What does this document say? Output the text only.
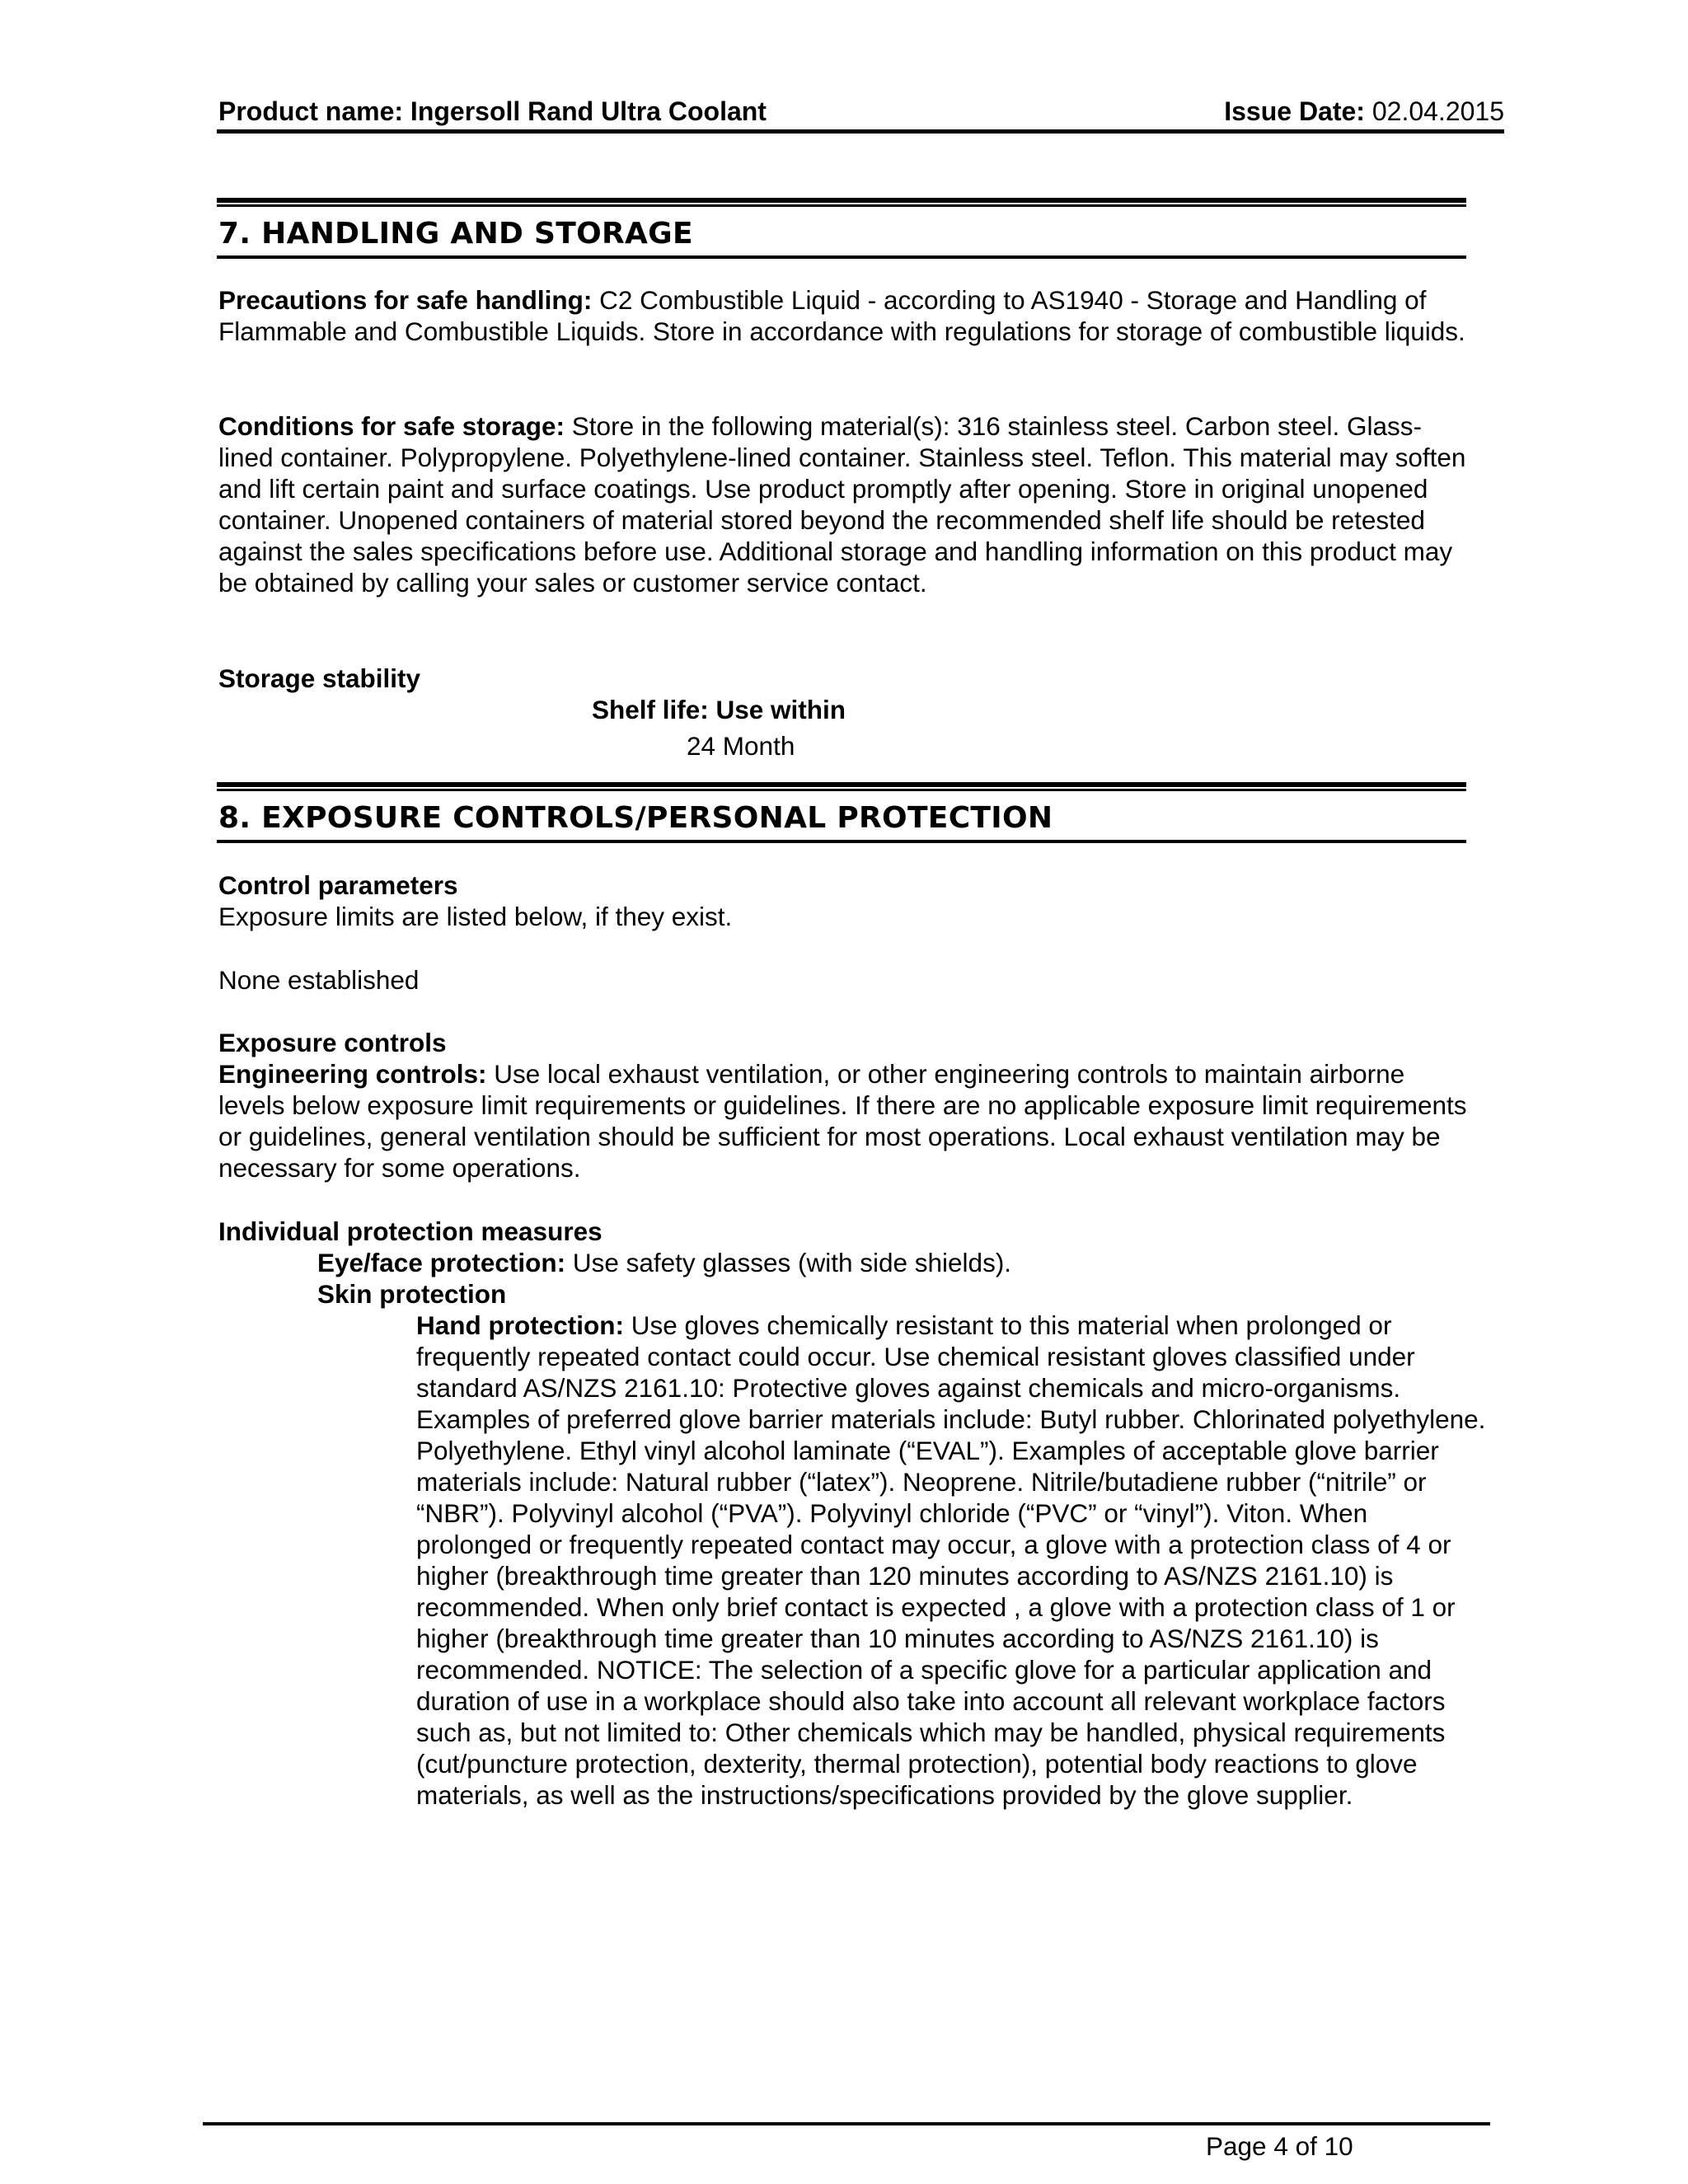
Product name: Ingersoll Rand Ultra Coolant	Issue Date: 02.04.2015
7. HANDLING AND STORAGE

Precautions for safe handling: C2 Combustible Liquid - according to AS1940 - Storage and Handling of Flammable and Combustible Liquids. Store in accordance with regulations for storage of combustible liquids.

Conditions for safe storage: Store in the following material(s): 316 stainless steel. Carbon steel. Glass-lined container. Polypropylene. Polyethylene-lined container. Stainless steel. Teflon. This material may soften and lift certain paint and surface coatings. Use product promptly after opening. Store in original unopened container. Unopened containers of material stored beyond the recommended shelf life should be retested against the sales specifications before use. Additional storage and handling information on this product may be obtained by calling your sales or customer service contact.

Storage stability
Shelf life: Use within
24 Month
8. EXPOSURE CONTROLS/PERSONAL PROTECTION
Control parameters
Exposure limits are listed below, if they exist.
None established
Exposure controls

Engineering controls: Use local exhaust ventilation, or other engineering controls to maintain airborne levels below exposure limit requirements or guidelines. If there are no applicable exposure limit requirements or guidelines, general ventilation should be sufficient for most operations. Local exhaust ventilation may be necessary for some operations.

Individual protection measures

Eye/face protection: Use safety glasses (with side shields).

Skin protection

Hand protection: Use gloves chemically resistant to this material when prolonged or frequently repeated contact could occur. Use chemical resistant gloves classified under standard AS/NZS 2161.10: Protective gloves against chemicals and micro-organisms. Examples of preferred glove barrier materials include: Butyl rubber. Chlorinated polyethylene. Polyethylene. Ethyl vinyl alcohol laminate (“EVAL”). Examples of acceptable glove barrier materials include: Natural rubber (“latex”). Neoprene. Nitrile/butadiene rubber (“nitrile” or “NBR”). Polyvinyl alcohol (“PVA”). Polyvinyl chloride (“PVC” or “vinyl”). Viton. When prolonged or frequently repeated contact may occur, a glove with a protection class of 4 or higher (breakthrough time greater than 120 minutes according to AS/NZS 2161.10) is recommended. When only brief contact is expected , a glove with a protection class of 1 or higher (breakthrough time greater than 10 minutes according to AS/NZS 2161.10) is recommended. NOTICE: The selection of a specific glove for a particular application and duration of use in a workplace should also take into account all relevant workplace factors such as, but not limited to: Other chemicals which may be handled, physical requirements (cut/puncture protection, dexterity, thermal protection), potential body reactions to glove materials, as well as the instructions/specifications provided by the glove supplier.

Page 4 of 10
